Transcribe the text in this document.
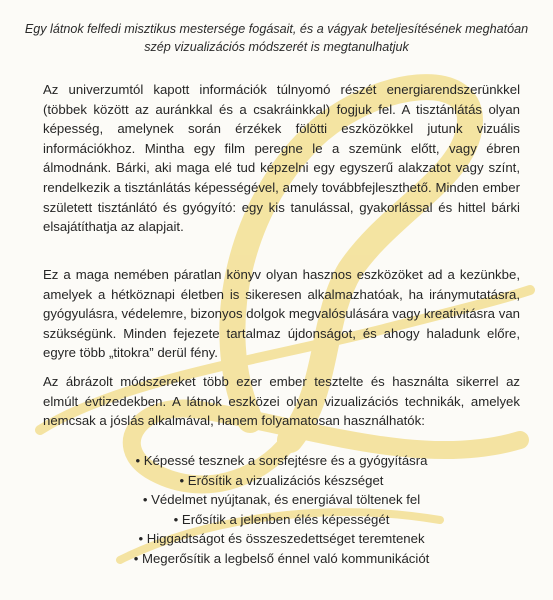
Egy látnok felfedi misztikus mestersége fogásait, és a vágyak beteljesítésének meghatóan szép vizualizációs módszerét is megtanulhatjuk

Az univerzumtól kapott információk túlnyomó részét energiarendszerünkkel (többek között az auránkkal és a csakráinkkal) fogjuk fel. A tisztánlátás olyan képesség, amelynek során érzékek fölötti eszközökkel jutunk vizuális információkhoz. Mintha egy film peregne le a szemünk előtt, vagy ébren álmodnánk. Bárki, aki maga elé tud képzelni egy egyszerű alakzatot vagy színt, rendelkezik a tisztánlátás képességével, amely továbbfejleszthető. Minden ember született tisztánlátó és gyógyító: egy kis tanulással, gyakorlással és hittel bárki elsajátíthatja az alapjait.

Ez a maga nemében páratlan könyv olyan hasznos eszközöket ad a kezünkbe, amelyek a hétköznapi életben is sikeresen alkalmazhatóak, ha iránymutatásra, gyógyulásra, védelemre, bizonyos dolgok megvalósulására vagy kreativitásra van szükségünk. Minden fejezete tartalmaz újdonságot, és ahogy haladunk előre, egyre több „titokra” derül fény.

Az ábrázolt módszereket több ezer ember tesztelte és használta sikerrel az elmúlt évtizedekben. A látnok eszközei olyan vizualizációs technikák, amelyek nemcsak a jóslás alkalmával, hanem folyamatosan használhatók:

• Képessé tesznek a sorsfejtésre és a gyógyításra
• Erősítik a vizualizációs készséget
• Védelmet nyújtanak, és energiával töltenek fel
• Erősítik a jelenben élés képességét
• Higgadtságot és összeszedettséget teremtenek
• Megerősítik a legbelső énnel való kommunikációt
